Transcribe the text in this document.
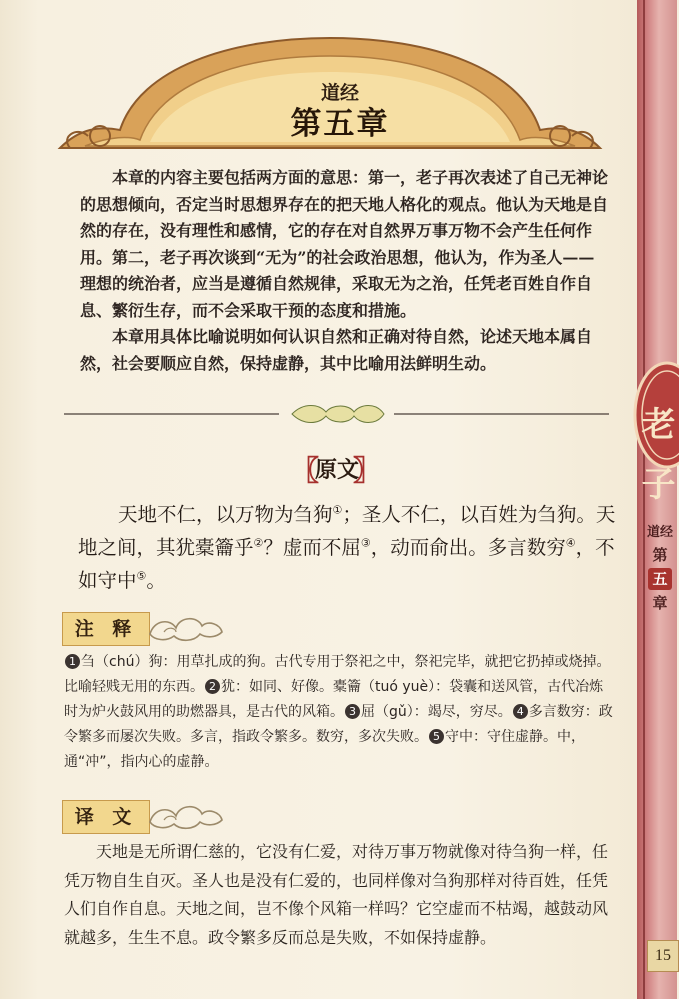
老子
道经
第
五
章
15
道经
第五章

本章的内容主要包括两方面的意思：第一，老子再次表述了自己无神论的思想倾向，否定当时思想界存在的把天地人格化的观点。他认为天地是自然的存在，没有理性和感情，它的存在对自然界万事万物不会产生任何作用。第二，老子再次谈到“无为”的社会政治思想，他认为，作为圣人——理想的统治者，应当是遵循自然规律，采取无为之治，任凭老百姓自作自息、繁衍生存，而不会采取干预的态度和措施。

本章用具体比喻说明如何认识自然和正确对待自然，论述天地本属自然，社会要顺应自然，保持虚静，其中比喻用法鲜明生动。

〖
原文
〗

天地不仁，以万物为刍狗①；圣人不仁，以百姓为刍狗。天地之间，其犹橐籥乎②？虚而不屈③，动而俞出。多言数穷④，不如守中⑤。

注 释

1 刍（chú）狗：用草扎成的狗。古代专用于祭祀之中，祭祀完毕，就把它扔掉或烧掉。比喻轻贱无用的东西。 2 犹：如同、好像。橐籥（tuó yuè）：袋囊和送风管，古代冶炼时为炉火鼓风用的助燃器具，是古代的风箱。 3 屈（gǔ）：竭尽，穷尽。 4 多言数穷：政令繁多而屡次失败。多言，指政令繁多。数穷，多次失败。 5 守中：守住虚静。中，通“冲”，指内心的虚静。

译 文

天地是无所谓仁慈的，它没有仁爱，对待万事万物就像对待刍狗一样，任凭万物自生自灭。圣人也是没有仁爱的，也同样像对刍狗那样对待百姓，任凭人们自作自息。天地之间，岂不像个风箱一样吗？它空虚而不枯竭，越鼓动风就越多，生生不息。政令繁多反而总是失败，不如保持虚静。
